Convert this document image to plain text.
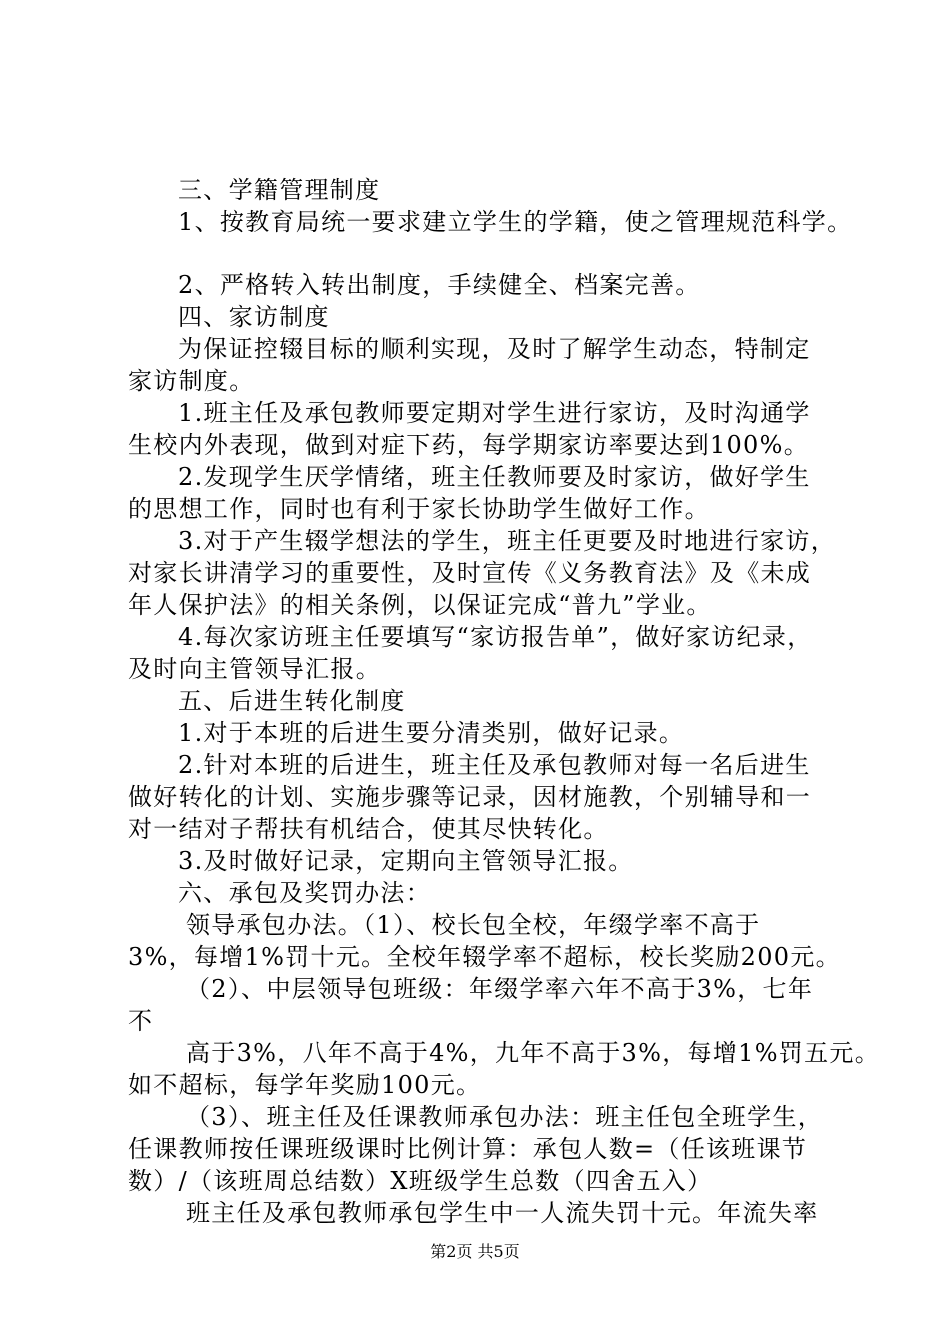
三、学籍管理制度
1、按教育局统一要求建立学生的学籍，使之管理规范科学。
2、严格转入转出制度，手续健全、档案完善。
四、家访制度
为保证控辍目标的顺利实现，及时了解学生动态，特制定
家访制度。
1.班主任及承包教师要定期对学生进行家访，及时沟通学
生校内外表现，做到对症下药，每学期家访率要达到100%。
2.发现学生厌学情绪，班主任教师要及时家访，做好学生
的思想工作，同时也有利于家长协助学生做好工作。
3.对于产生辍学想法的学生，班主任更要及时地进行家访，
对家长讲清学习的重要性，及时宣传《义务教育法》及《未成
年人保护法》的相关条例，以保证完成“普九”学业。
4.每次家访班主任要填写“家访报告单”，做好家访纪录，
及时向主管领导汇报。
五、后进生转化制度
1.对于本班的后进生要分清类别，做好记录。
2.针对本班的后进生，班主任及承包教师对每一名后进生
做好转化的计划、实施步骤等记录，因材施教，个别辅导和一
对一结对子帮扶有机结合，使其尽快转化。
3.及时做好记录，定期向主管领导汇报。
六、承包及奖罚办法：
领导承包办法。（1）、校长包全校，年缀学率不高于
3%，每增1%罚十元。全校年辍学率不超标，校长奖励200元。
（2）、中层领导包班级：年缀学率六年不高于3%，七年
不
高于3%，八年不高于4%，九年不高于3%，每增1%罚五元。
如不超标，每学年奖励100元。
（3）、班主任及任课教师承包办法：班主任包全班学生，
任课教师按任课班级课时比例计算：承包人数=（任该班课节
数）/（该班周总结数）X班级学生总数（四舍五入）
班主任及承包教师承包学生中一人流失罚十元。年流失率
第2页 共5页
